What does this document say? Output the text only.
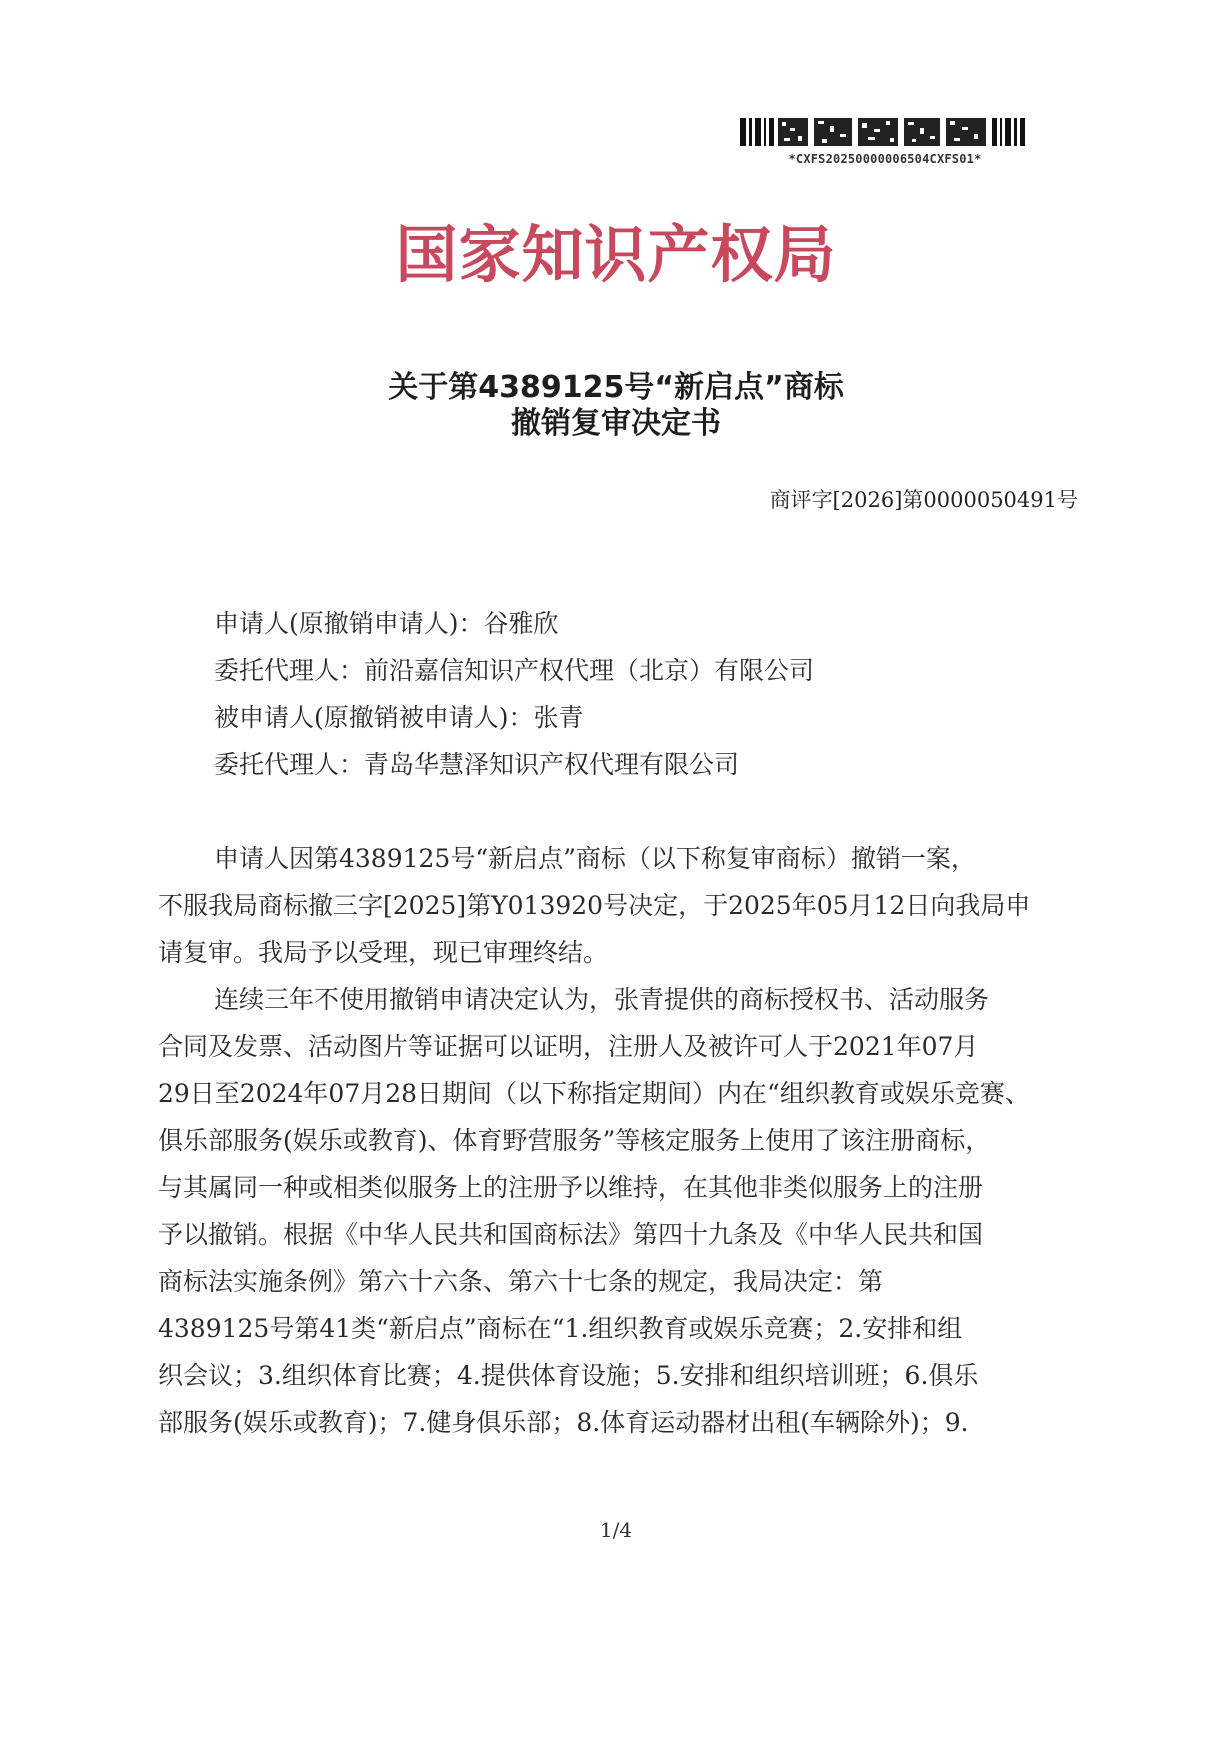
*CXFS20250000006504CXFS01*
国家知识产权局
关于第4389125号“新启点”商标
撤销复审决定书
商评字[2026]第0000050491号
申请人(原撤销申请人)：谷雅欣
委托代理人：前沿嘉信知识产权代理（北京）有限公司
被申请人(原撤销被申请人)：张青
委托代理人：青岛华慧泽知识产权代理有限公司
申请人因第4389125号“新启点”商标（以下称复审商标）撤销一案，
不服我局商标撤三字[2025]第Y013920号决定，于2025年05月12日向我局申
请复审。我局予以受理，现已审理终结。
连续三年不使用撤销申请决定认为，张青提供的商标授权书、活动服务
合同及发票、活动图片等证据可以证明，注册人及被许可人于2021年07月
29日至2024年07月28日期间（以下称指定期间）内在“组织教育或娱乐竞赛、
俱乐部服务(娱乐或教育)、体育野营服务”等核定服务上使用了该注册商标，
与其属同一种或相类似服务上的注册予以维持，在其他非类似服务上的注册
予以撤销。根据《中华人民共和国商标法》第四十九条及《中华人民共和国
商标法实施条例》第六十六条、第六十七条的规定，我局决定：第
4389125号第41类“新启点”商标在“1.组织教育或娱乐竞赛；2.安排和组
织会议；3.组织体育比赛；4.提供体育设施；5.安排和组织培训班；6.俱乐
部服务(娱乐或教育)；7.健身俱乐部；8.体育运动器材出租(车辆除外)；9.
1/4
